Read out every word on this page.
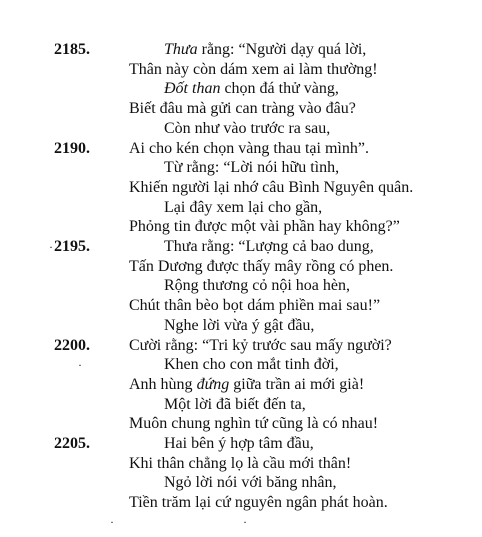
2185.	Thưa rằng: “Người dạy quá lời,
Thân này còn dám xem ai làm thường!
Đốt than chọn đá thử vàng,
Biết đâu mà gửi can tràng vào đâu?
Còn như vào trước ra sau,
2190. Ai cho kén chọn vàng thau tại mình”.
Từ rằng: “Lời nói hữu tình,
Khiến người lại nhớ câu Bình Nguyên quân.
Lại đây xem lại cho gần,
Phỏng tin được một vài phần hay không?”
2195.	Thưa rằng: “Lượng cả bao dung,
Tấn Dương được thấy mây rồng có phen.
Rộng thương cỏ nội hoa hèn,
Chút thân bèo bọt dám phiền mai sau!”
Nghe lời vừa ý gật đầu,
2200. Cười rằng: “Tri kỷ trước sau mấy người?
Khen cho con mắt tinh đời,
Anh hùng đứng giữa trần ai mới già!
Một lời đã biết đến ta,
Muôn chung nghìn tứ cũng là có nhau!
2205.	Hai bên ý hợp tâm đầu,
Khi thân chẳng lọ là cầu mới thân!
Ngỏ lời nói với băng nhân,
Tiền trăm lại cứ nguyên ngân phát hoàn.
·
·
·	·
